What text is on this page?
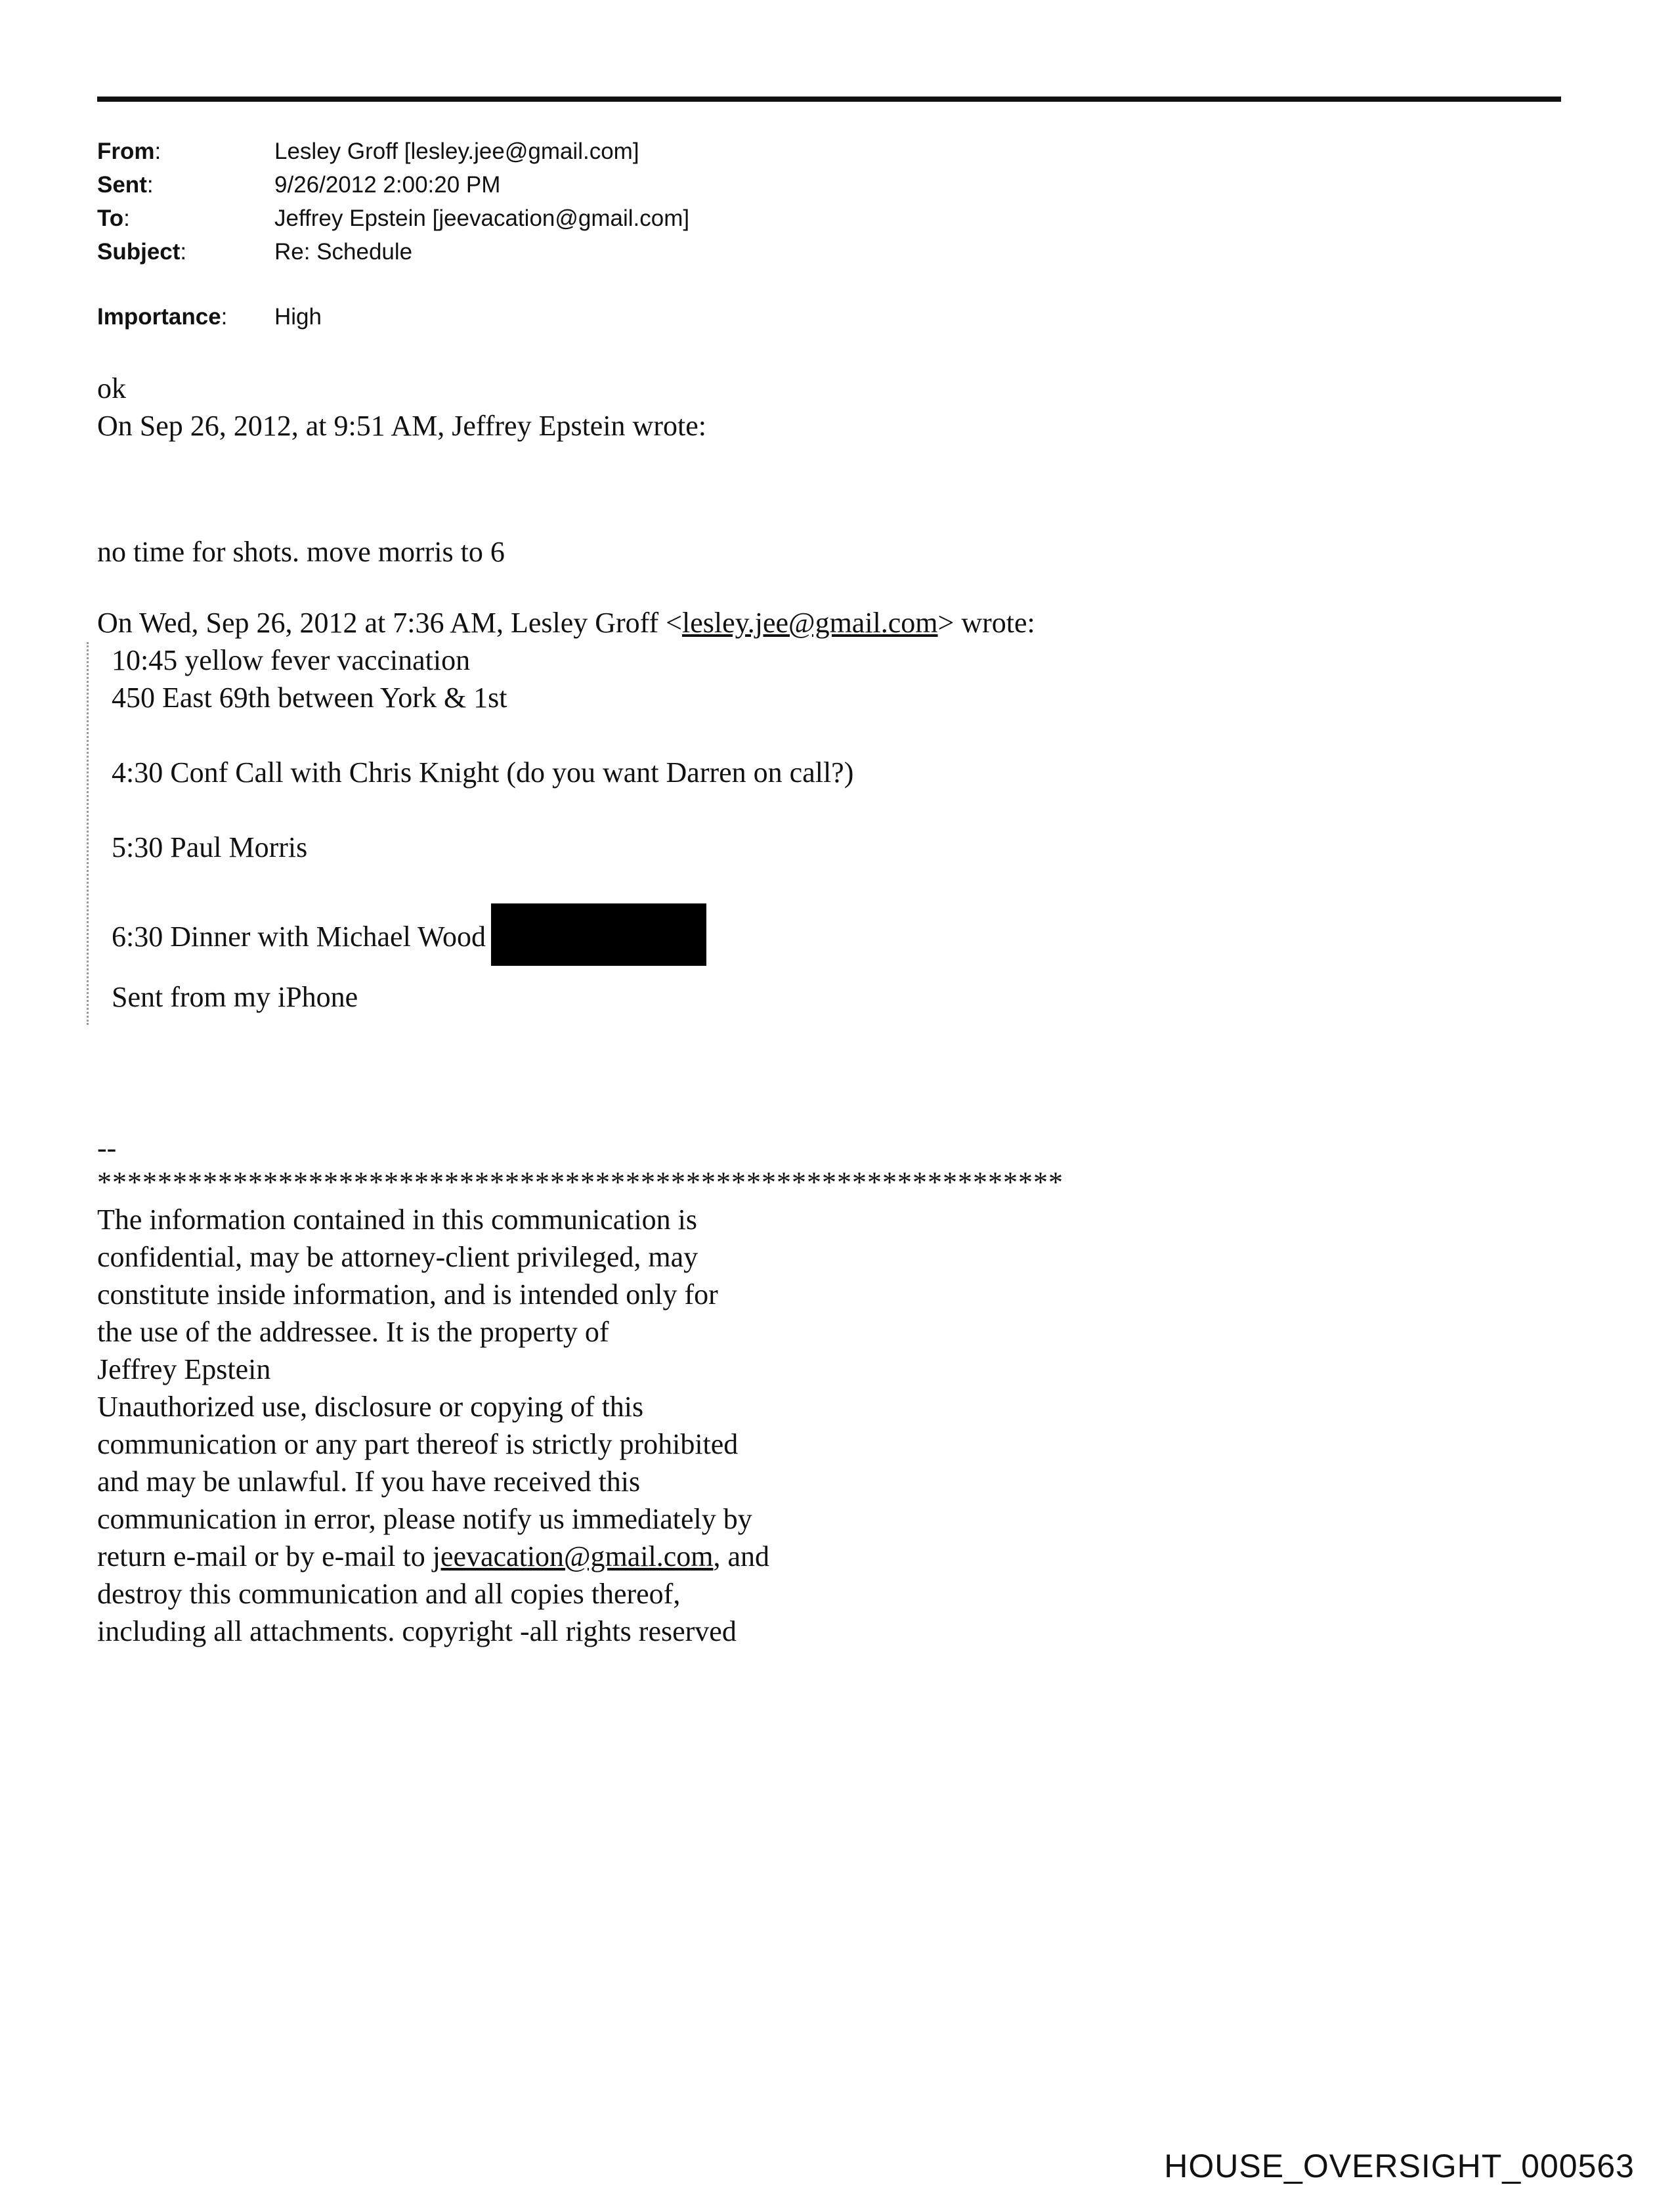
From:	Lesley Groff [lesley.jee@gmail.com]
Sent:	9/26/2012 2:00:20 PM
To:	Jeffrey Epstein [jeevacation@gmail.com]
Subject:	Re: Schedule
Importance:	High
ok
On Sep 26, 2012, at 9:51 AM, Jeffrey Epstein wrote:
no time for shots. move morris to 6
On Wed, Sep 26, 2012 at 7:36 AM, Lesley Groff <lesley.jee@gmail.com> wrote:
10:45 yellow fever vaccination
450 East 69th between York & 1st
4:30 Conf Call with Chris Knight (do you want Darren on call?)
5:30 Paul Morris
6:30 Dinner with Michael Wood
Sent from my iPhone
--
****************************************************************
The information contained in this communication is
confidential, may be attorney-client privileged, may
constitute inside information, and is intended only for
the use of the addressee. It is the property of
Jeffrey Epstein
Unauthorized use, disclosure or copying of this
communication or any part thereof is strictly prohibited
and may be unlawful. If you have received this
communication in error, please notify us immediately by
return e-mail or by e-mail to jeevacation@gmail.com, and
destroy this communication and all copies thereof,
including all attachments. copyright -all rights reserved
HOUSE_OVERSIGHT_000563
